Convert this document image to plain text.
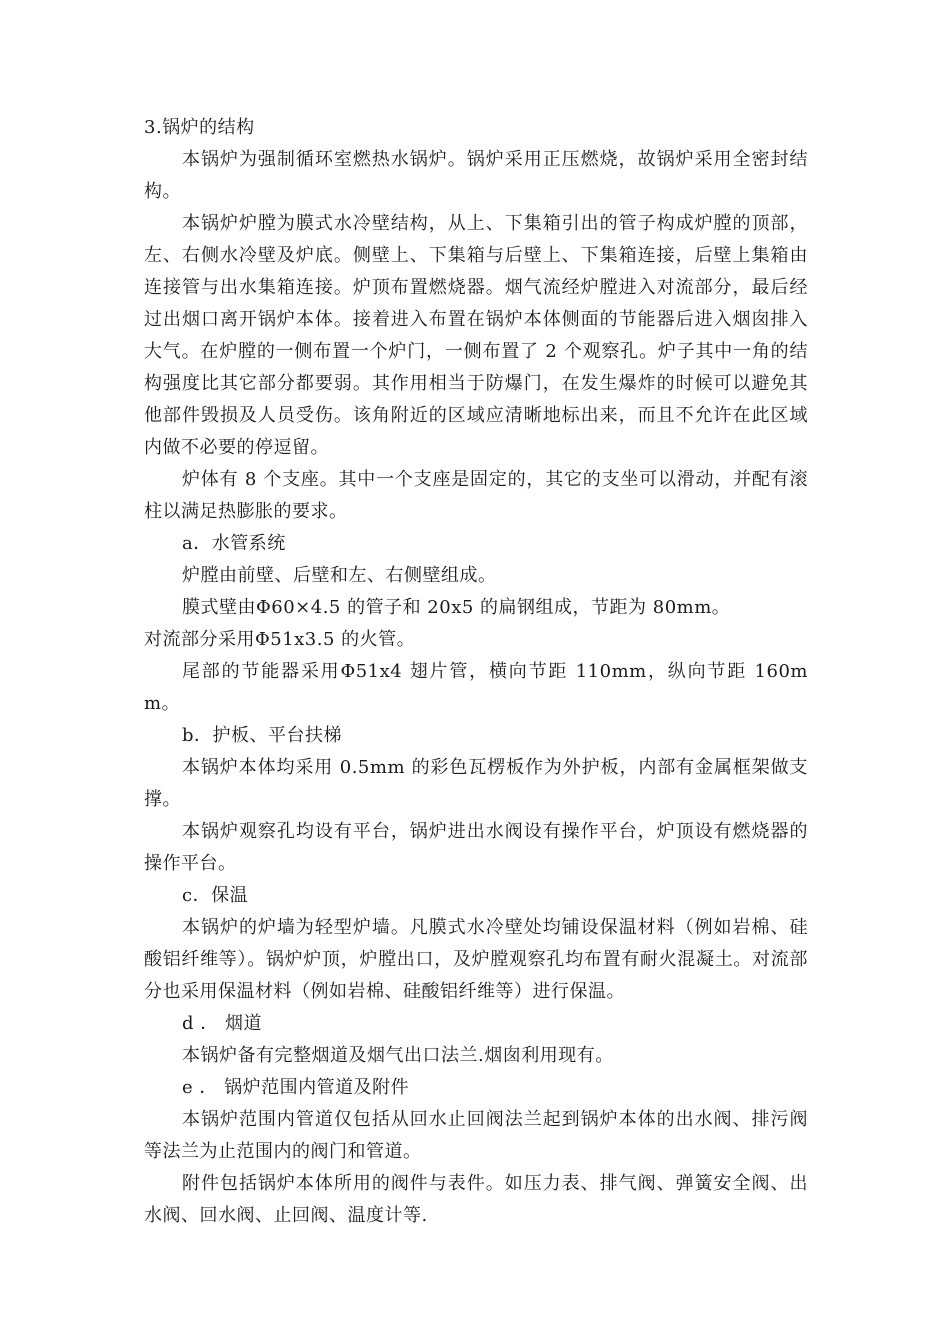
3.锅炉的结构

本锅炉为强制循环室燃热水锅炉。锅炉采用正压燃烧，故锅炉采用全密封结构。

本锅炉炉膛为膜式水冷壁结构，从上、下集箱引出的管子构成炉膛的顶部，左、右侧水冷壁及炉底。侧壁上、下集箱与后壁上、下集箱连接，后壁上集箱由连接管与出水集箱连接。炉顶布置燃烧器。烟气流经炉膛进入对流部分，最后经过出烟口离开锅炉本体。接着进入布置在锅炉本体侧面的节能器后进入烟囱排入大气。在炉膛的一侧布置一个炉门，一侧布置了 2 个观察孔。炉子其中一角的结构强度比其它部分都要弱。其作用相当于防爆门，在发生爆炸的时候可以避免其他部件毁损及人员受伤。该角附近的区域应清晰地标出来，而且不允许在此区域内做不必要的停逗留。

炉体有 8 个支座。其中一个支座是固定的，其它的支坐可以滑动，并配有滚柱以满足热膨胀的要求。

a．水管系统

炉膛由前壁、后壁和左、右侧壁组成。

膜式壁由Φ60×4.5 的管子和 20x5 的扁钢组成，节距为 80mm。

对流部分采用Φ51x3.5 的火管。

尾部的节能器采用Φ51x4 翅片管，横向节距 110mm，纵向节距 160mm。

b．护板、平台扶梯

本锅炉本体均采用 0.5mm 的彩色瓦楞板作为外护板，内部有金属框架做支撑。

本锅炉观察孔均设有平台，锅炉进出水阀设有操作平台，炉顶设有燃烧器的操作平台。

c．保温

本锅炉的炉墙为轻型炉墙。凡膜式水冷壁处均铺设保温材料（例如岩棉、硅酸铝纤维等）。锅炉炉顶，炉膛出口，及炉膛观察孔均布置有耐火混凝土。对流部分也采用保温材料（例如岩棉、硅酸铝纤维等）进行保温。

d ． 烟道

本锅炉备有完整烟道及烟气出口法兰.烟囱利用现有。

e ． 锅炉范围内管道及附件

本锅炉范围内管道仅包括从回水止回阀法兰起到锅炉本体的出水阀、排污阀等法兰为止范围内的阀门和管道。

附件包括锅炉本体所用的阀件与表件。如压力表、排气阀、弹簧安全阀、出水阀、回水阀、止回阀、温度计等.
